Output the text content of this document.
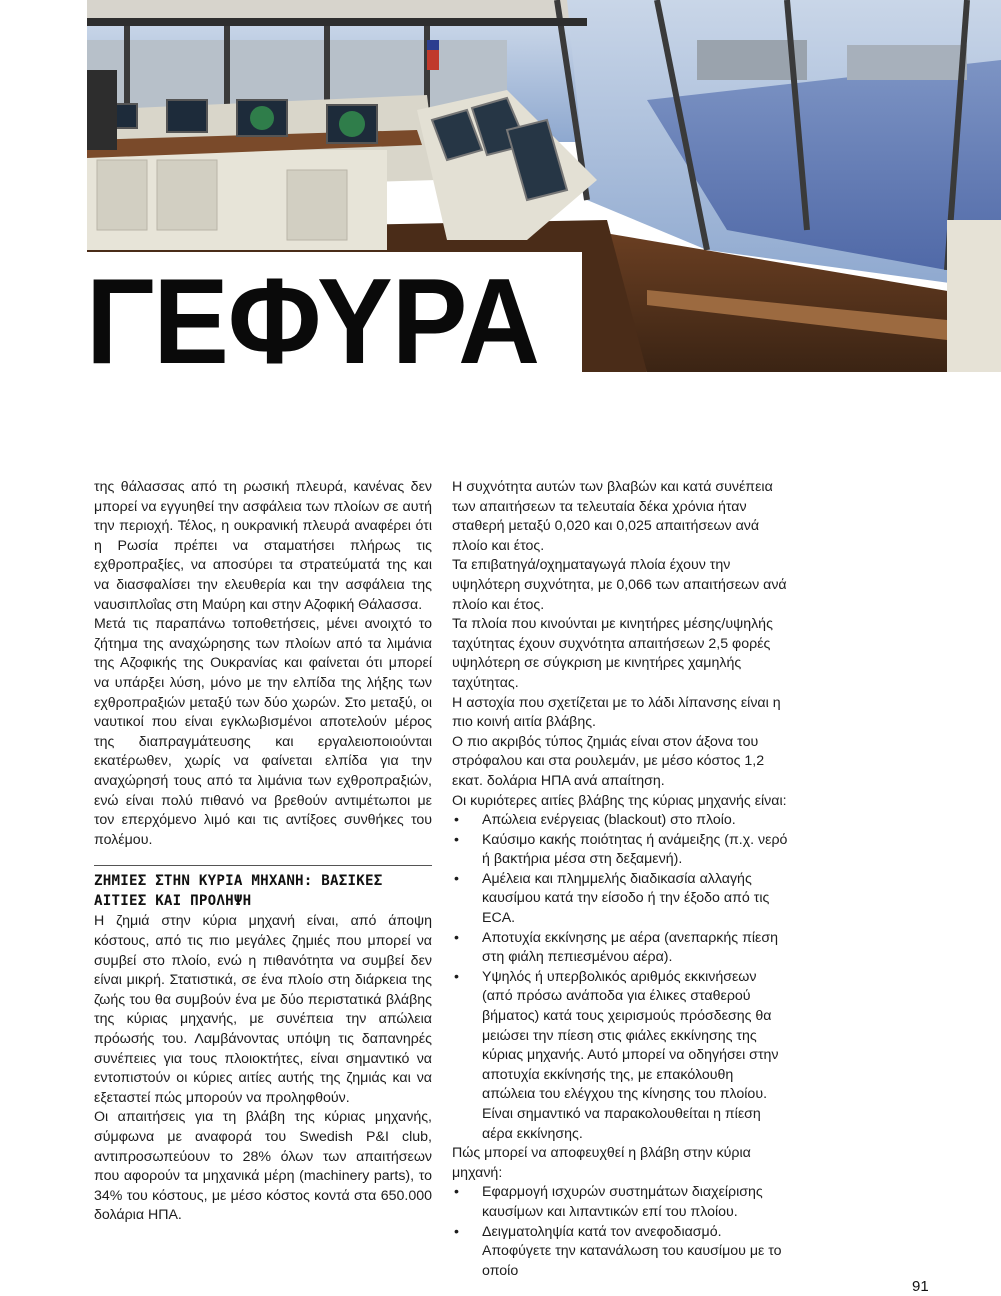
ΓΕΦΥΡΑ

της θάλασσας από τη ρωσική πλευρά, κανένας δεν μπορεί να εγγυηθεί την ασφάλεια των πλοίων σε αυτή την περιοχή. Τέλος, η ουκρανική πλευρά αναφέρει ότι η Ρωσία πρέπει να σταματήσει πλήρως τις εχθροπραξίες, να αποσύρει τα στρατεύματά της και να διασφαλίσει την ελευθερία και την ασφάλεια της ναυσιπλοΐας στη Μαύρη και στην Αζοφική Θάλασσα.

Μετά τις παραπάνω τοποθετήσεις, μένει ανοιχτό το ζήτημα της αναχώρησης των πλοίων από τα λιμάνια της Αζοφικής της Ουκρανίας και φαίνεται ότι μπορεί να υπάρξει λύση, μόνο με την ελπίδα της λήξης των εχθροπραξιών μεταξύ των δύο χωρών. Στο μεταξύ, οι ναυτικοί που είναι εγκλωβισμένοι αποτελούν μέρος της διαπραγμάτευσης και εργαλειοποιούνται εκατέρωθεν, χωρίς να φαίνεται ελπίδα για την αναχώρησή τους από τα λιμάνια των εχθροπραξιών, ενώ είναι πολύ πιθανό να βρεθούν αντιμέτωποι με τον επερχόμενο λιμό και τις αντίξοες συνθήκες του πολέμου.

ΖΗΜΙΕΣ ΣΤΗΝ ΚΥΡΙΑ ΜΗΧΑΝΗ: ΒΑΣΙΚΕΣ ΑΙΤΙΕΣ ΚΑΙ ΠΡΟΛΗΨΗ

Η ζημιά στην κύρια μηχανή είναι, από άποψη κόστους, από τις πιο μεγάλες ζημιές που μπορεί να συμβεί στο πλοίο, ενώ η πιθανότητα να συμβεί δεν είναι μικρή. Στατιστικά, σε ένα πλοίο στη διάρκεια της ζωής του θα συμβούν ένα με δύο περιστατικά βλάβης της κύριας μηχανής, με συνέπεια την απώλεια πρόωσής του. Λαμβάνοντας υπόψη τις δαπανηρές συνέπειες για τους πλοιοκτήτες, είναι σημαντικό να εντοπιστούν οι κύριες αιτίες αυτής της ζημιάς και να εξεταστεί πώς μπορούν να προληφθούν.

Οι απαιτήσεις για τη βλάβη της κύριας μηχανής, σύμφωνα με αναφορά του Swedish P&I club, αντιπροσωπεύουν το 28% όλων των απαιτήσεων που αφορούν τα μηχανικά μέρη (machinery parts), το 34% του κόστους, με μέσο κόστος κοντά στα 650.000 δολάρια ΗΠΑ.

Η συχνότητα αυτών των βλαβών και κατά συνέπεια των απαιτήσεων τα τελευταία δέκα χρόνια ήταν σταθερή μεταξύ 0,020 και 0,025 απαιτήσεων ανά πλοίο και έτος.

Τα επιβατηγά/οχηματαγωγά πλοία έχουν την υψηλότερη συχνότητα, με 0,066 των απαιτήσεων ανά πλοίο και έτος.

Τα πλοία που κινούνται με κινητήρες μέσης/υψηλής ταχύτητας έχουν συχνότητα απαιτήσεων 2,5 φορές υψηλότερη σε σύγκριση με κινητήρες χαμηλής ταχύτητας.

Η αστοχία που σχετίζεται με το λάδι λίπανσης είναι η πιο κοινή αιτία βλάβης.

Ο πιο ακριβός τύπος ζημιάς είναι στον άξονα του στρόφαλου και στα ρουλεμάν, με μέσο κόστος 1,2 εκατ. δολάρια ΗΠΑ ανά απαίτηση.

Οι κυριότερες αιτίες βλάβης της κύριας μηχανής είναι:

• Απώλεια ενέργειας (blackout) στο πλοίο.
• Καύσιμο κακής ποιότητας ή ανάμειξης (π.χ. νερό ή βακτήρια μέσα στη δεξαμενή).
• Αμέλεια και πλημμελής διαδικασία αλλαγής καυσίμου κατά την είσοδο ή την έξοδο από τις ECA.
• Αποτυχία εκκίνησης με αέρα (ανεπαρκής πίεση στη φιάλη πεπιεσμένου αέρα).
• Υψηλός ή υπερβολικός αριθμός εκκινήσεων (από πρόσω ανάποδα για έλικες σταθερού βήματος) κατά τους χειρισμούς πρόσδεσης θα μειώσει την πίεση στις φιάλες εκκίνησης της κύριας μηχανής. Αυτό μπορεί να οδηγήσει στην αποτυχία εκκίνησής της, με επακόλουθη απώλεια του ελέγχου της κίνησης του πλοίου. Είναι σημαντικό να παρακολουθείται η πίεση αέρα εκκίνησης.

Πώς μπορεί να αποφευχθεί η βλάβη στην κύρια μηχανή:

• Εφαρμογή ισχυρών συστημάτων διαχείρισης καυσίμων και λιπαντικών επί του πλοίου.
• Δειγματοληψία κατά τον ανεφοδιασμό. Αποφύγετε την κατανάλωση του καυσίμου με το οποίο
91
